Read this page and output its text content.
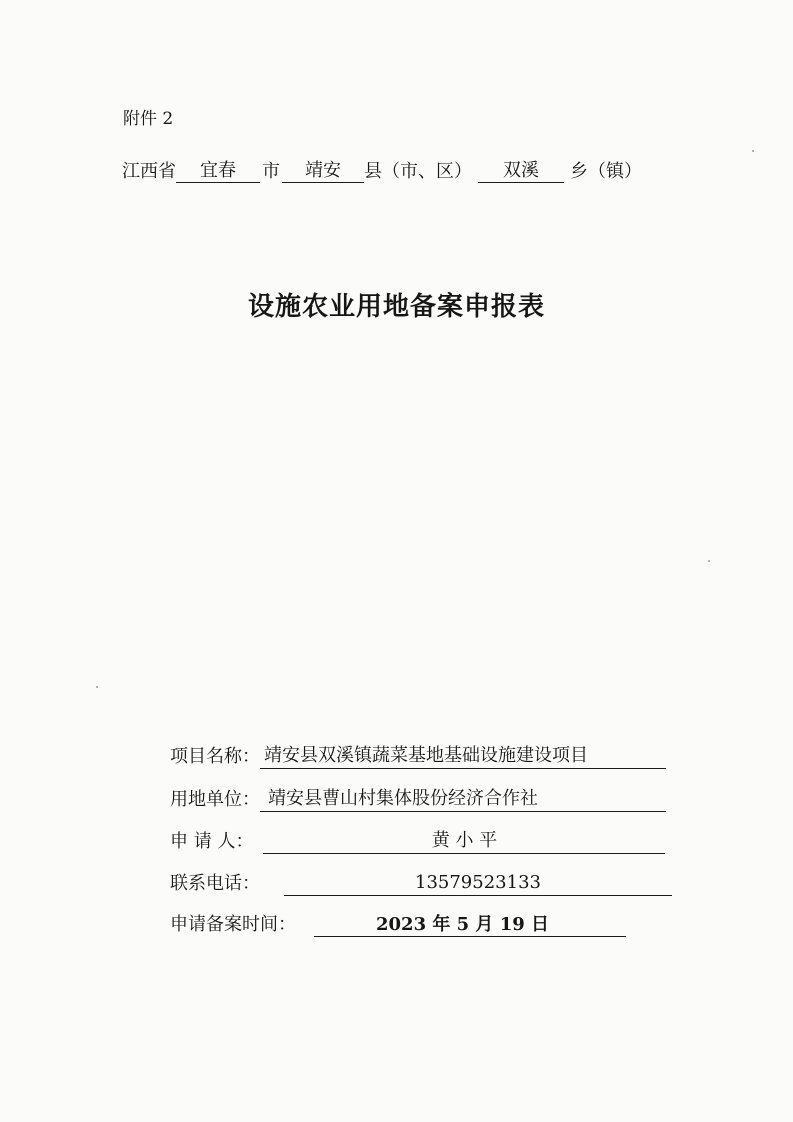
附件 2
江西省	宜春	市	靖安	县（市、区）	双溪	乡（镇）
设施农业用地备案申报表
项目名称： 靖安县双溪镇蔬菜基地基础设施建设项目
用地单位： 靖安县曹山村集体股份经济合作社
申 请 人：	黄 小 平
联系电话：	13579523133
申请备案时间：	2023 年 5 月 19 日
